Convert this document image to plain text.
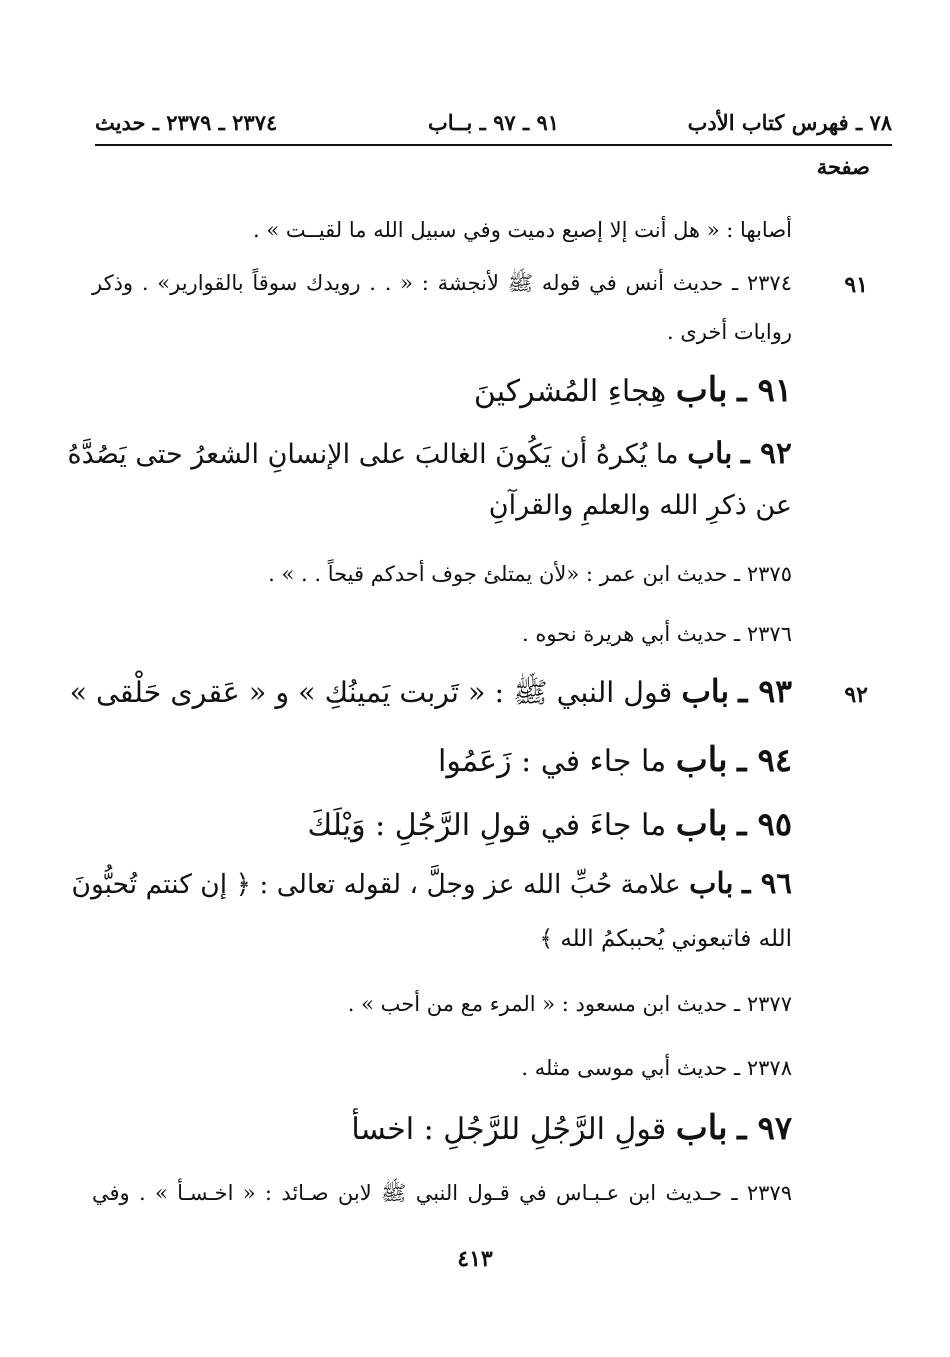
٧٨ ـ فهرس كتاب الأدب
٩١ ـ ٩٧ ـ بــاب
٢٣٧٤ ـ ٢٣٧٩ ـ حديث
صفحة
أصابها : « هل أنت إلا إصبع دميت وفي سبيل الله ما لقيــت » .
٩١
٢٣٧٤ ـ حديث أنس في قوله ﷺ لأنجشة : « . . رويدك سوقاً بالقوارير» . وذكر
روايات أخرى .
٩١ ـ باب هِجاءِ المُشركينَ
٩٢ ـ باب ما يُكرهُ أن يَكُونَ الغالبَ على الإنسانِ الشعرُ حتى يَصُدَّهُ
عن ذكرِ الله والعلمِ والقرآنِ
٢٣٧٥ ـ حديث ابن عمر : «لأن يمتلئ جوف أحدكم قيحاً . . » .
٢٣٧٦ ـ حديث أبي هريرة نحوه .
٩٢
٩٣ ـ باب قول النبي ﷺ : « تَربت يَمينُكِ » و « عَقرى حَلْقى »
٩٤ ـ باب ما جاء في : زَعَمُوا
٩٥ ـ باب ما جاءَ في قولِ الرَّجُلِ : وَيْلَكَ
٩٦ ـ باب علامة حُبِّ الله عز وجلَّ ، لقوله تعالى : ﴿ إن كنتم تُحبُّونَ
الله فاتبعوني يُحببكمُ الله ﴾
٢٣٧٧ ـ حديث ابن مسعود : « المرء مع من أحب » .
٢٣٧٨ ـ حديث أبي موسى مثله .
٩٧ ـ باب قولِ الرَّجُلِ للرَّجُلِ : اخسأ
٢٣٧٩ ـ حـديث ابن عـبـاس في قـول النبي ﷺ لابن صـائد : « اخـسـأ » . وفي
٤١٣
